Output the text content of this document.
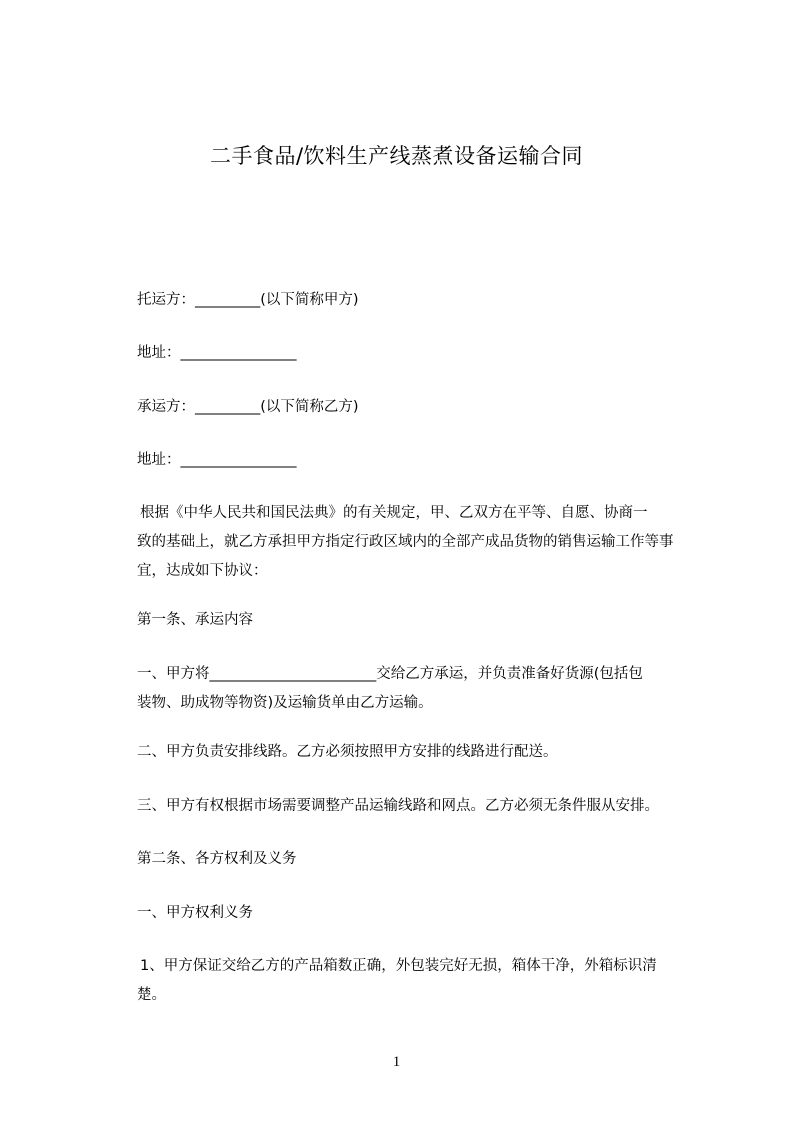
二手食品/饮料生产线蒸煮设备运输合同
托运方：_________(以下简称甲方)
地址：________________
承运方：_________(以下简称乙方)
地址：________________
根据《中华人民共和国民法典》的有关规定，甲、乙双方在平等、自愿、协商一
致的基础上，就乙方承担甲方指定行政区域内的全部产成品货物的销售运输工作等事
宜，达成如下协议：
第一条、承运内容
一、甲方将_______________________交给乙方承运，并负责准备好货源(包括包
装物、助成物等物资)及运输货单由乙方运输。
二、甲方负责安排线路。乙方必须按照甲方安排的线路进行配送。
三、甲方有权根据市场需要调整产品运输线路和网点。乙方必须无条件服从安排。
第二条、各方权利及义务
一、甲方权利义务
1、甲方保证交给乙方的产品箱数正确，外包装完好无损，箱体干净，外箱标识清
楚。
1
